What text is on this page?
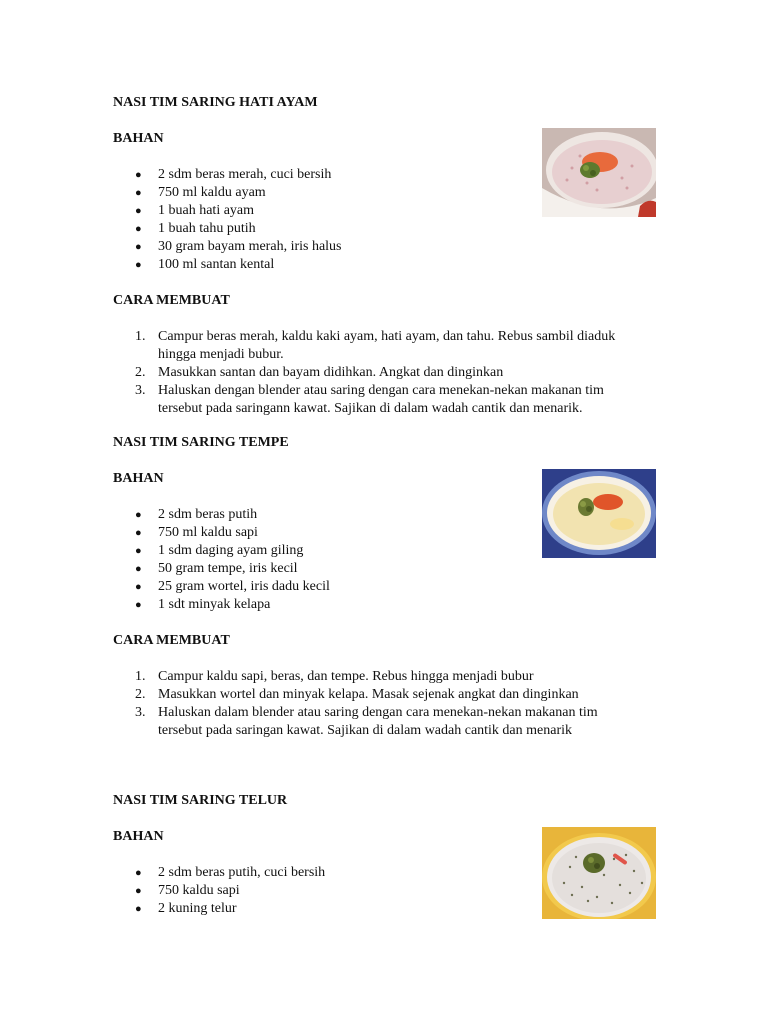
NASI TIM SARING HATI AYAM

BAHAN

● 2 sdm beras merah, cuci bersih
● 750 ml kaldu ayam
● 1 buah hati ayam
● 1 buah tahu putih
● 30 gram bayam merah, iris halus
● 100 ml santan kental

CARA MEMBUAT

1. Campur beras merah, kaldu kaki ayam, hati ayam, dan tahu. Rebus sambil diaduk
hingga menjadi bubur.
2. Masukkan santan dan bayam didihkan. Angkat dan dinginkan
3. Haluskan dengan blender atau saring dengan cara menekan-nekan makanan tim
tersebut pada saringann kawat. Sajikan di dalam wadah cantik dan menarik.

NASI TIM SARING TEMPE

BAHAN

● 2 sdm beras putih
● 750 ml kaldu sapi
● 1 sdm daging ayam giling
● 50 gram tempe, iris kecil
● 25 gram wortel, iris dadu kecil
● 1 sdt minyak kelapa

CARA MEMBUAT

1. Campur kaldu sapi, beras, dan tempe. Rebus hingga menjadi bubur
2. Masukkan wortel dan minyak kelapa. Masak sejenak angkat dan dinginkan
3. Haluskan dalam blender atau saring dengan cara menekan-nekan makanan tim
tersebut pada saringan kawat. Sajikan di dalam wadah cantik dan menarik

NASI TIM SARING TELUR

BAHAN

● 2 sdm beras putih, cuci bersih
● 750 kaldu sapi
● 2 kuning telur
